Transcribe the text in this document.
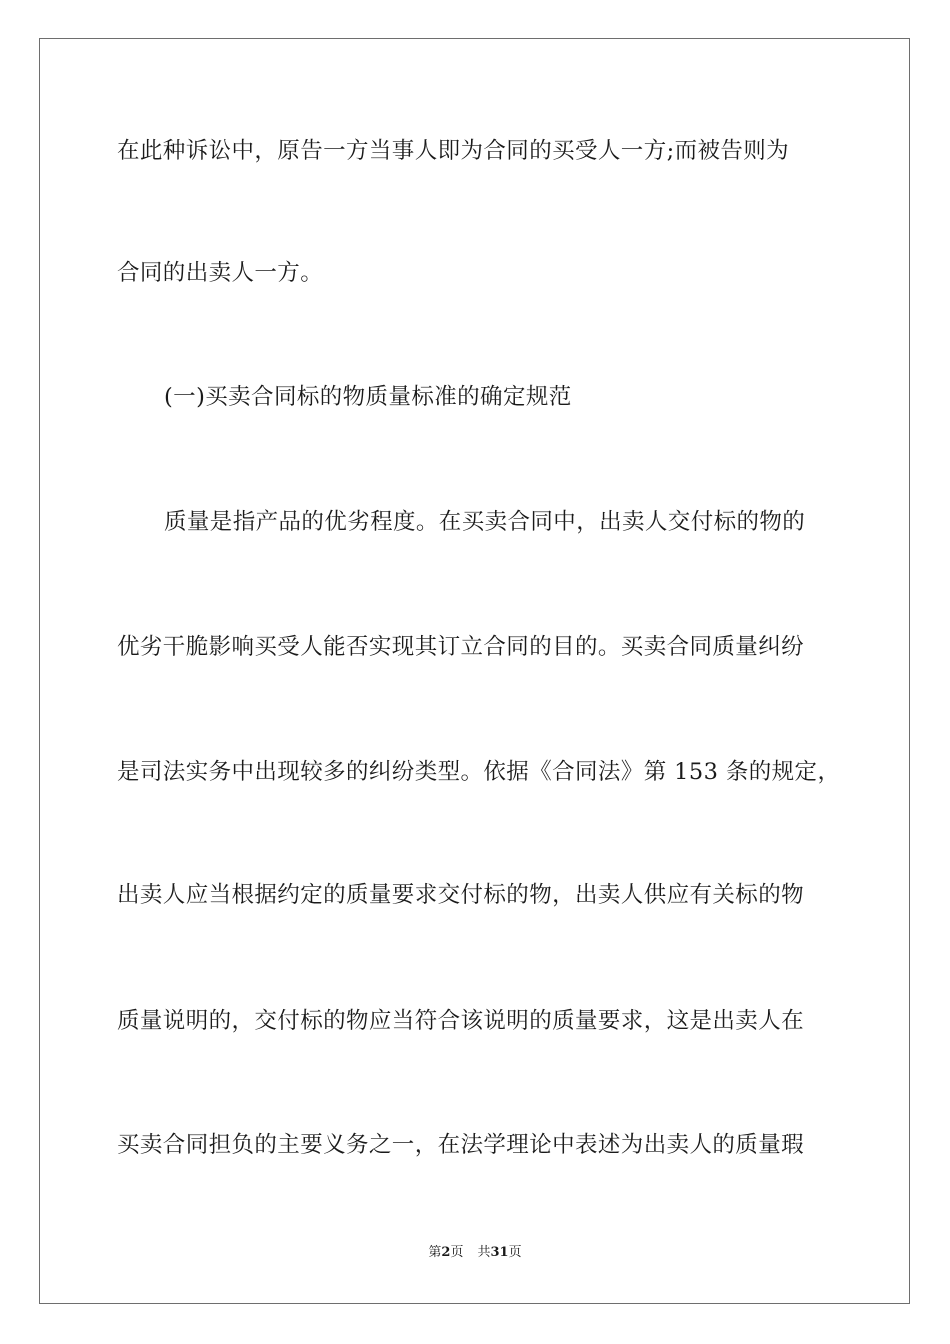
在此种诉讼中，原告一方当事人即为合同的买受人一方;而被告则为
合同的出卖人一方。
(一)买卖合同标的物质量标准的确定规范
质量是指产品的优劣程度。在买卖合同中，出卖人交付标的物的
优劣干脆影响买受人能否实现其订立合同的目的。买卖合同质量纠纷
是司法实务中出现较多的纠纷类型。依据《合同法》第 153 条的规定，
出卖人应当根据约定的质量要求交付标的物，出卖人供应有关标的物
质量说明的，交付标的物应当符合该说明的质量要求，这是出卖人在
买卖合同担负的主要义务之一，在法学理论中表述为出卖人的质量瑕
第2页 共31页
